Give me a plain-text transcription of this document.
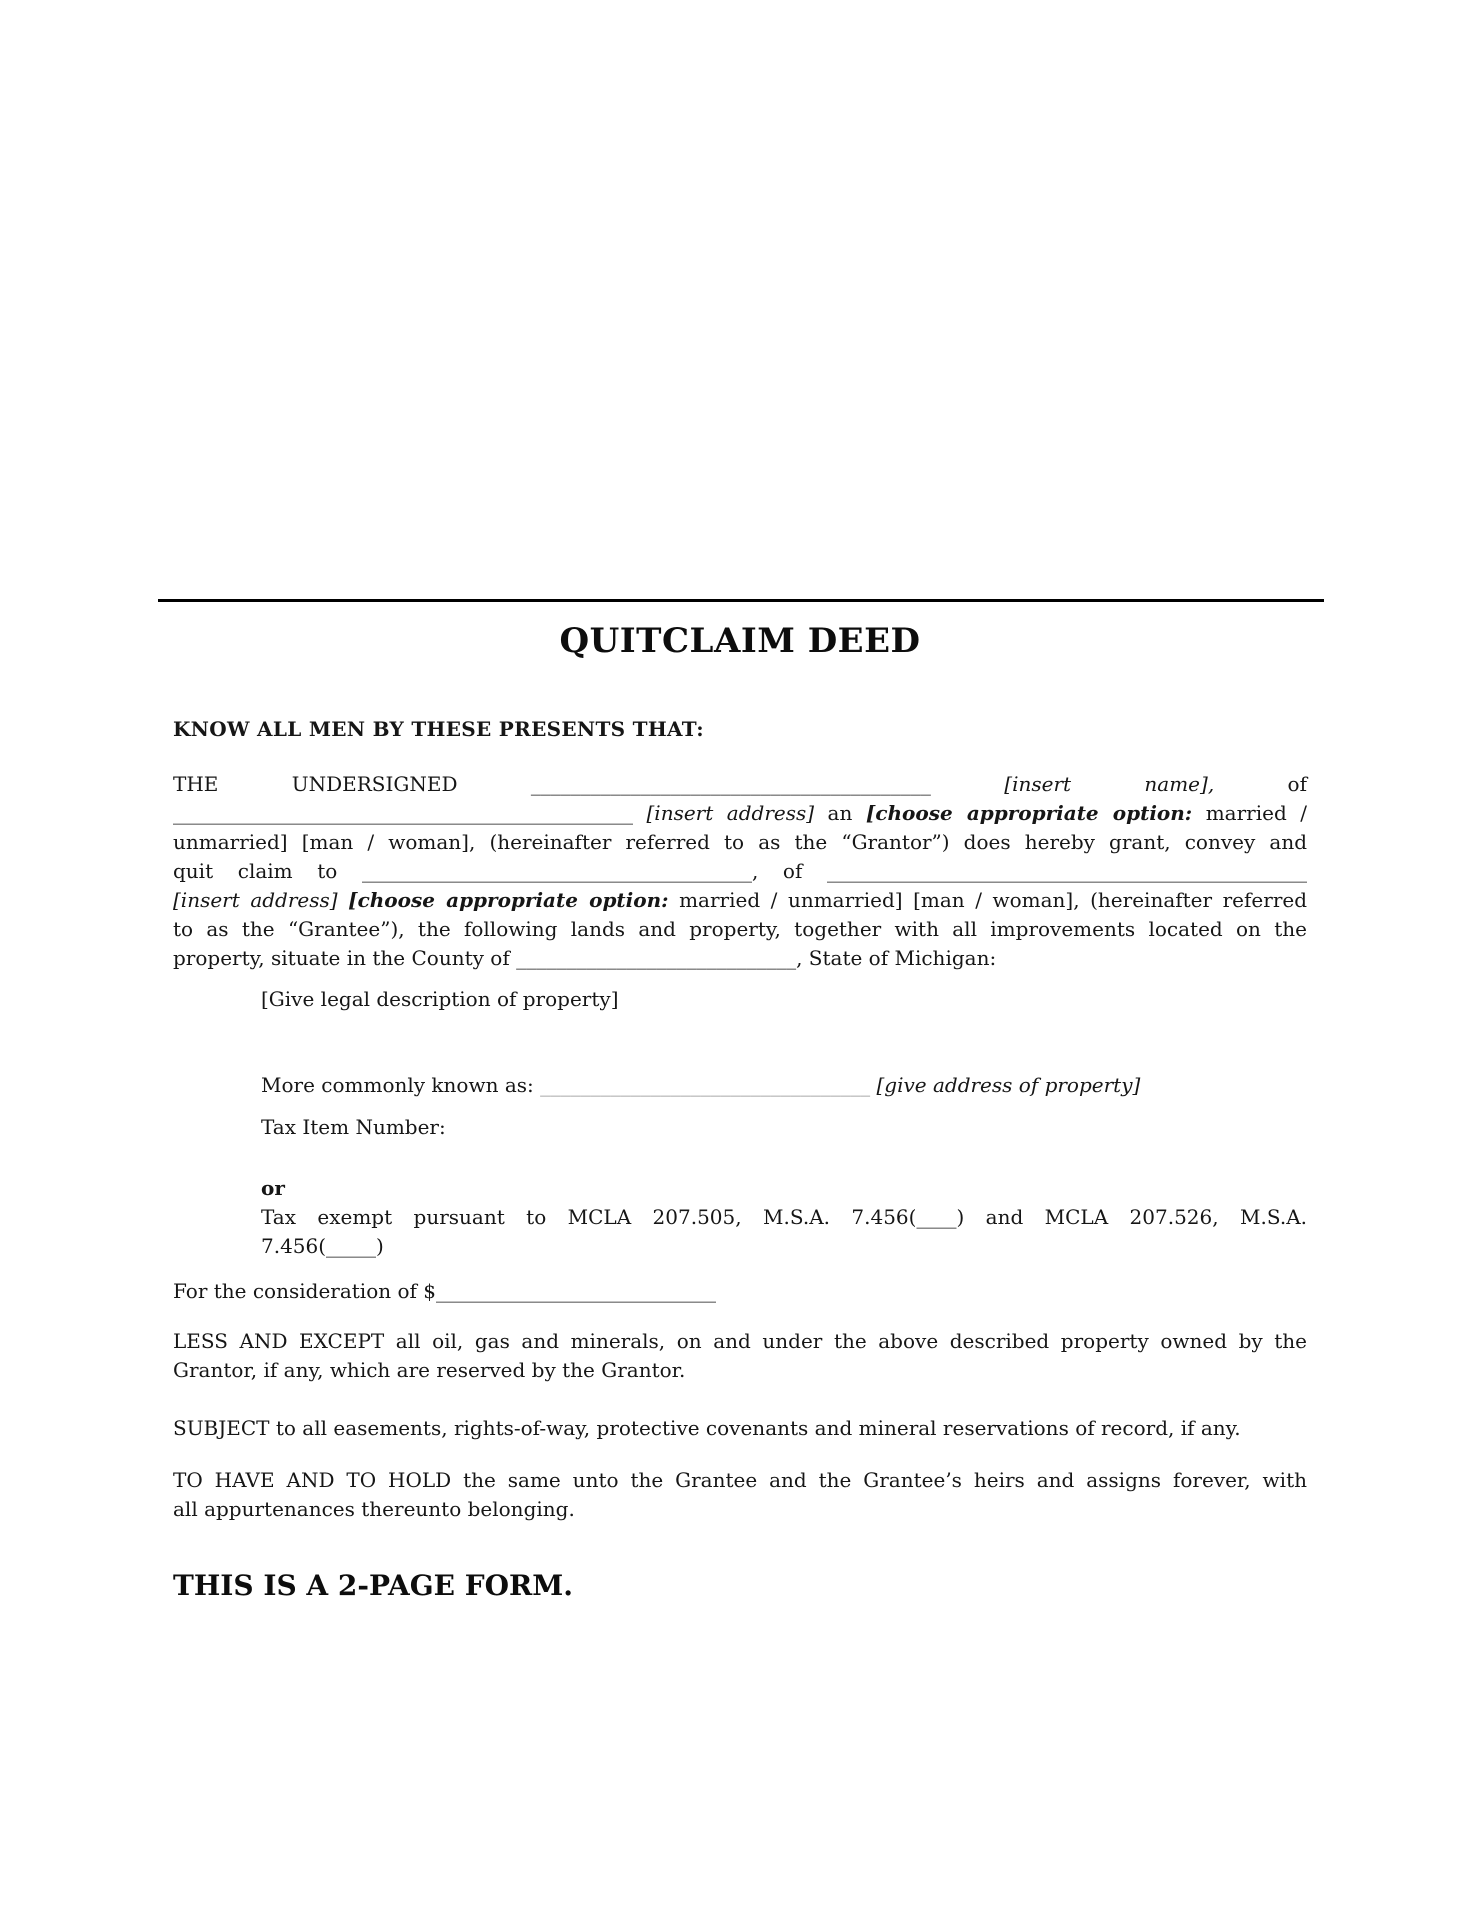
QUITCLAIM DEED
KNOW ALL MEN BY THESE PRESENTS THAT:
THE UNDERSIGNED ________________________________________ [insert name], of
______________________________________________ [insert address] an [choose appropriate option: married /
unmarried] [man / woman], (hereinafter referred to as the “Grantor”) does hereby grant, convey and
quit claim to _______________________________________, of ________________________________________________
[insert address] [choose appropriate option: married / unmarried] [man / woman], (hereinafter referred
to as the “Grantee”), the following lands and property, together with all improvements located on the
property, situate in the County of ____________________________, State of Michigan:
[Give legal description of property]
More commonly known as: _________________________________ [give address of property]
Tax Item Number:
or
Tax exempt pursuant to MCLA 207.505, M.S.A. 7.456(____) and MCLA 207.526, M.S.A.
7.456(_____)
For the consideration of $____________________________
LESS AND EXCEPT all oil, gas and minerals, on and under the above described property owned by the
Grantor, if any, which are reserved by the Grantor.
SUBJECT to all easements, rights-of-way, protective covenants and mineral reservations of record, if any.
TO HAVE AND TO HOLD the same unto the Grantee and the Grantee’s heirs and assigns forever, with
all appurtenances thereunto belonging.
THIS IS A 2-PAGE FORM.
